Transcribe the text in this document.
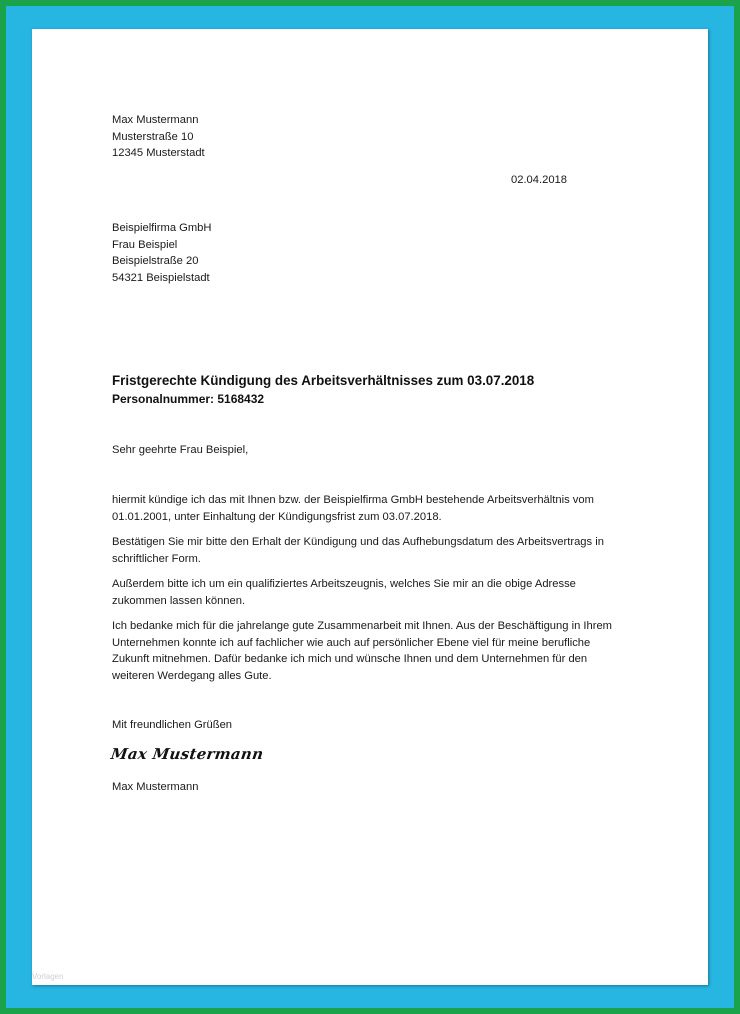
Max Mustermann
Musterstraße 10
12345 Musterstadt
02.04.2018
Beispielfirma GmbH
Frau Beispiel
Beispielstraße 20
54321 Beispielstadt
Fristgerechte Kündigung des Arbeitsverhältnisses zum 03.07.2018
Personalnummer: 5168432
Sehr geehrte Frau Beispiel,
hiermit kündige ich das mit Ihnen bzw. der Beispielfirma GmbH bestehende Arbeitsverhältnis vom
01.01.2001, unter Einhaltung der Kündigungsfrist zum 03.07.2018.
Bestätigen Sie mir bitte den Erhalt der Kündigung und das Aufhebungsdatum des Arbeitsvertrags in
schriftlicher Form.
Außerdem bitte ich um ein qualifiziertes Arbeitszeugnis, welches Sie mir an die obige Adresse
zukommen lassen können.
Ich bedanke mich für die jahrelange gute Zusammenarbeit mit Ihnen. Aus der Beschäftigung in Ihrem
Unternehmen konnte ich auf fachlicher wie auch auf persönlicher Ebene viel für meine berufliche
Zukunft mitnehmen. Dafür bedanke ich mich und wünsche Ihnen und dem Unternehmen für den
weiteren Werdegang alles Gute.
Mit freundlichen Grüßen
Max Mustermann
Max Mustermann
Vorlagen
